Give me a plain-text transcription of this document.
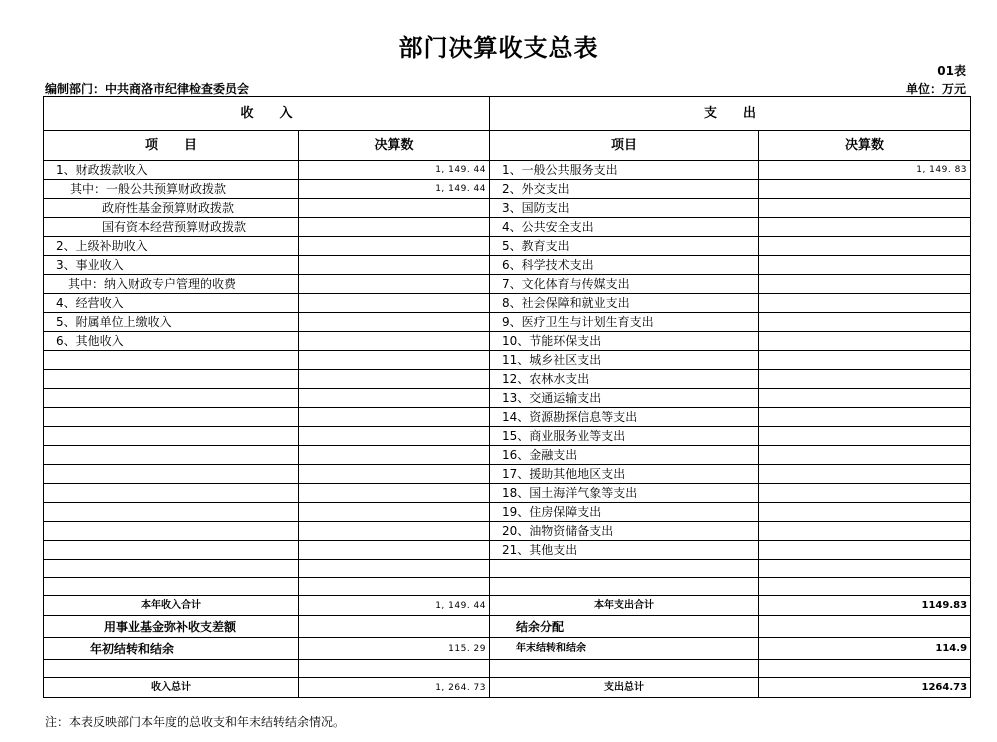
部门决算收支总表
01表
编制部门：中共商洛市纪律检查委员会	单位：万元
收　　入		支　　出	
项　　目	决算数	项目	决算数
1、财政拨款收入	1, 149. 44	1、一般公共服务支出	1, 149. 83
其中：一般公共预算财政拨款	1, 149. 44	2、外交支出	
政府性基金预算财政拨款		3、国防支出	
国有资本经营预算财政拨款		4、公共安全支出	
2、上级补助收入		5、教育支出	
3、事业收入		6、科学技术支出	
其中：纳入财政专户管理的收费		7、文化体育与传媒支出	
4、经营收入		8、社会保障和就业支出	
5、附属单位上缴收入		9、医疗卫生与计划生育支出	
6、其他收入		10、节能环保支出	
		11、城乡社区支出	
		12、农林水支出	
		13、交通运输支出	
		14、资源勘探信息等支出	
		15、商业服务业等支出	
		16、金融支出	
		17、援助其他地区支出	
		18、国土海洋气象等支出	
		19、住房保障支出	
		20、油物资储备支出	
		21、其他支出	

本年收入合计	1, 149. 44	本年支出合计	1149.83
用事业基金弥补收支差额		结余分配	
年初结转和结余	115. 29	年末结转和结余	114.9

收入总计	1, 264. 73	支出总计	1264.73
注：本表反映部门本年度的总收支和年末结转结余情况。
